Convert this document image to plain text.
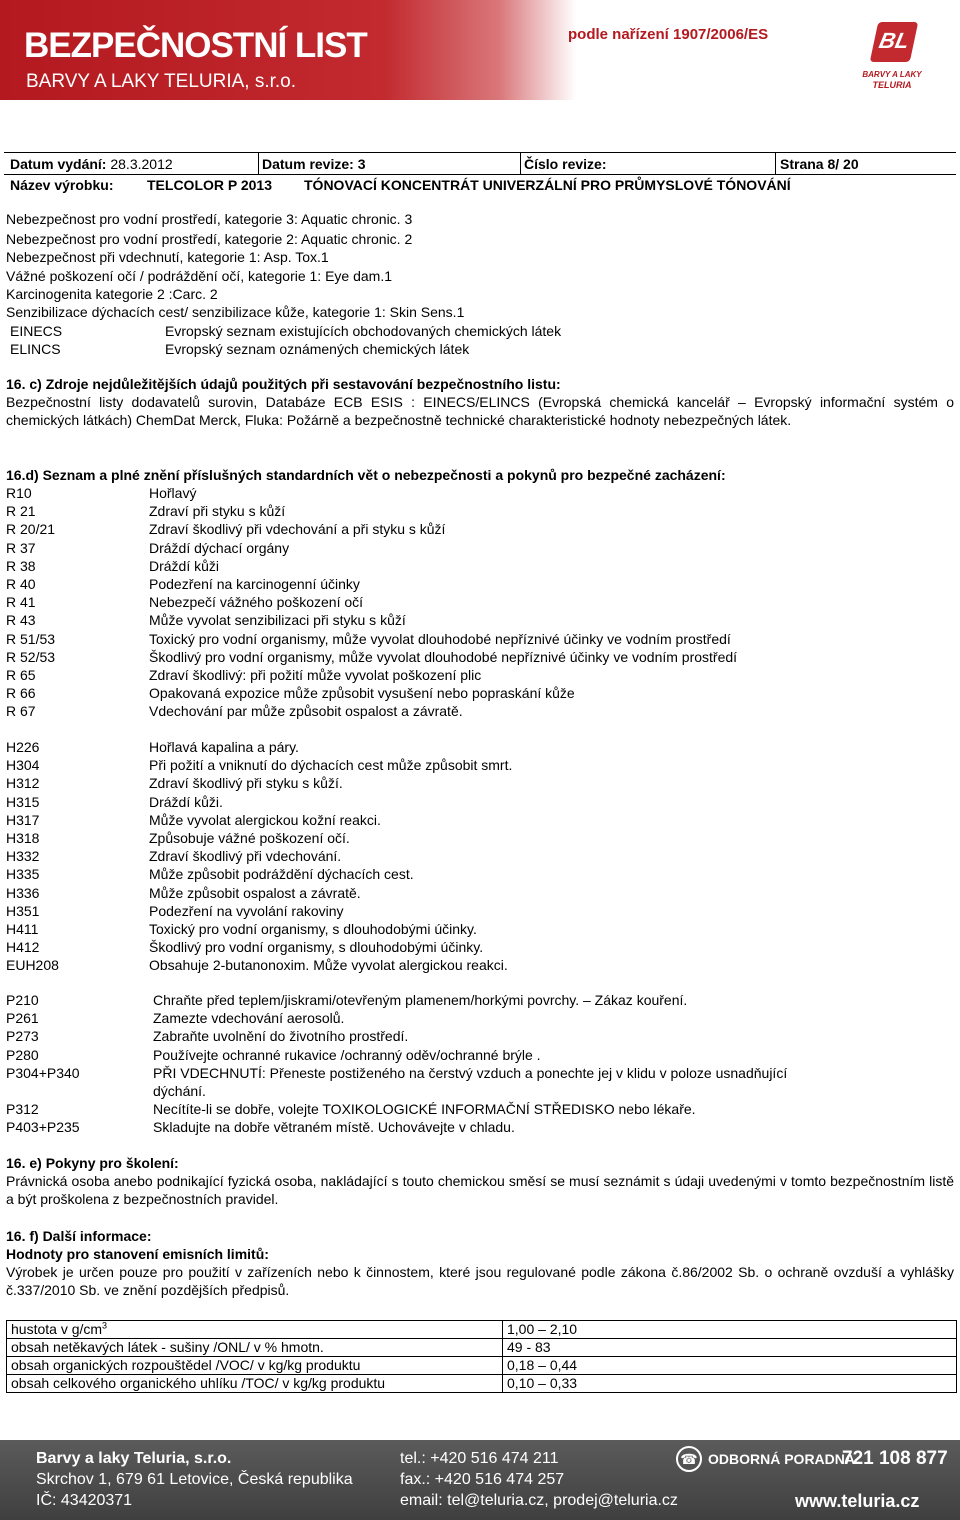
BEZPEČNOSTNÍ LIST
BARVY A LAKY TELURIA, s.r.o.
podle nařízení 1907/2006/ES	BL
BARVY A LAKY
TELURIA
Datum vydání: 28.3.2012	Datum revize: 3	Číslo revize:	Strana 8/ 20
Název výrobku: TELCOLOR P 2013 TÓNOVACÍ KONCENTRÁT UNIVERZÁLNÍ PRO PRŮMYSLOVÉ TÓNOVÁNÍ
Nebezpečnost pro vodní prostředí, kategorie 3: Aquatic chronic. 3
Nebezpečnost pro vodní prostředí, kategorie 2: Aquatic chronic. 2
Nebezpečnost při vdechnutí, kategorie 1: Asp. Tox.1
Vážné poškození očí / podráždění očí, kategorie 1: Eye dam.1
Karcinogenita kategorie 2 :Carc. 2
Senzibilizace dýchacích cest/ senzibilizace kůže, kategorie 1: Skin Sens.1
EINECS	Evropský seznam existujících obchodovaných chemických látek
ELINCS	Evropský seznam oznámených chemických látek
16. c) Zdroje nejdůležitějších údajů použitých při sestavování bezpečnostního listu:
Bezpečnostní listy dodavatelů surovin, Databáze ECB ESIS : EINECS/ELINCS (Evropská chemická kancelář – Evropský informační systém o chemických látkách) ChemDat Merck, Fluka: Požárně a bezpečnostně technické charakteristické hodnoty nebezpečných látek.
16.d) Seznam a plné znění příslušných standardních vět o nebezpečnosti a pokynů pro bezpečné zacházení:
R10	Hořlavý
R 21	Zdraví při styku s kůží
R 20/21	Zdraví škodlivý při vdechování a při styku s kůží
R 37	Dráždí dýchací orgány
R 38	Dráždí kůži
R 40	Podezření na karcinogenní účinky
R 41	Nebezpečí vážného poškození očí
R 43	Může vyvolat senzibilizaci při styku s kůží
R 51/53	Toxický pro vodní organismy, může vyvolat dlouhodobé nepříznivé účinky ve vodním prostředí
R 52/53	Škodlivý pro vodní organismy, může vyvolat dlouhodobé nepříznivé účinky ve vodním prostředí
R 65	Zdraví škodlivý: při požití může vyvolat poškození plic
R 66	Opakovaná expozice může způsobit vysušení nebo popraskání kůže
R 67	Vdechování par může způsobit ospalost a závratě.
H226	Hořlavá kapalina a páry.
H304	Při požití a vniknutí do dýchacích cest může způsobit smrt.
H312	Zdraví škodlivý při styku s kůží.
H315	Dráždí kůži.
H317	Může vyvolat alergickou kožní reakci.
H318	Způsobuje vážné poškození očí.
H332	Zdraví škodlivý při vdechování.
H335	Může způsobit podráždění dýchacích cest.
H336	Může způsobit ospalost a závratě.
H351	Podezření na vyvolání rakoviny
H411	Toxický pro vodní organismy, s dlouhodobými účinky.
H412	Škodlivý pro vodní organismy, s dlouhodobými účinky.
EUH208	Obsahuje 2-butanonoxim. Může vyvolat alergickou reakci.
P210	Chraňte před teplem/jiskrami/otevřeným plamenem/horkými povrchy. – Zákaz kouření.
P261	Zamezte vdechování aerosolů.
P273	Zabraňte uvolnění do životního prostředí.
P280	Používejte ochranné rukavice /ochranný oděv/ochranné brýle .
P304+P340	PŘI VDECHNUTÍ: Přeneste postiženého na čerstvý vzduch a ponechte jej v klidu v poloze usnadňující dýchání.
P312	Necítíte-li se dobře, volejte TOXIKOLOGICKÉ INFORMAČNÍ STŘEDISKO nebo lékaře.
P403+P235	Skladujte na dobře větraném místě. Uchovávejte v chladu.
16. e) Pokyny pro školení:
Právnická osoba anebo podnikající fyzická osoba, nakládající s touto chemickou směsí se musí seznámit s údaji uvedenými v tomto bezpečnostním listě a být proškolena z bezpečnostních pravidel.
16. f) Další informace:
Hodnoty pro stanovení emisních limitů:
Výrobek je určen pouze pro použití v zařízeních nebo k činnostem, které jsou regulované podle zákona č.86/2002 Sb. o ochraně ovzduší a vyhlášky č.337/2010 Sb. ve znění pozdějších předpisů.
hustota v $g/cm^3$	1,00 – 2,10
obsah netěkavých látek - sušiny /ONL/ v % hmotn.	49 - 83
obsah organických rozpouštědel /VOC/ v kg/kg produktu	0,18 – 0,44
obsah celkového organického uhlíku /TOC/ v kg/kg produktu	0,10 – 0,33
Barvy a laky Teluria, s.r.o.
Skrchov 1, 679 61 Letovice, Česká republika
IČ: 43420371
tel.: +420 516 474 211
fax.: +420 516 474 257
email: tel@teluria.cz, prodej@teluria.cz
☎ ODBORNÁ PORADNA
721 108 877
www.teluria.cz
